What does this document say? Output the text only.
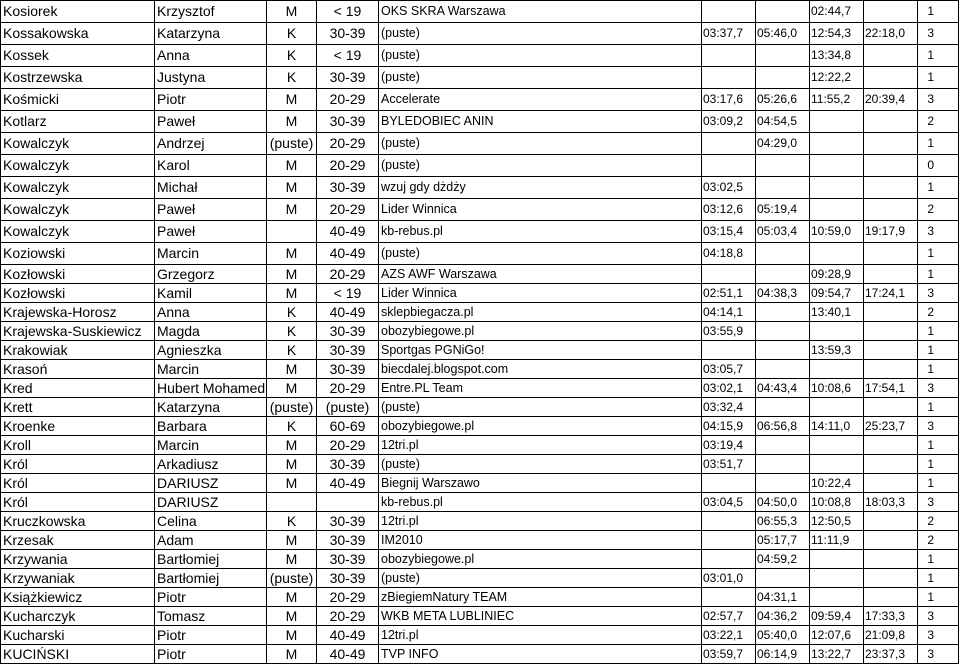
Kosiorek	Krzysztof	M	< 19	OKS SKRA Warszawa			02:44,7		1
Kossakowska	Katarzyna	K	30-39	(puste)	03:37,7	05:46,0	12:54,3	22:18,0	3
Kossek	Anna	K	< 19	(puste)			13:34,8		1
Kostrzewska	Justyna	K	30-39	(puste)			12:22,2		1
Kośmicki	Piotr	M	20-29	Accelerate	03:17,6	05:26,6	11:55,2	20:39,4	3
Kotlarz	Paweł	M	30-39	BYLEDOBIEC ANIN	03:09,2	04:54,5			2
Kowalczyk	Andrzej	(puste)	20-29	(puste)		04:29,0			1
Kowalczyk	Karol	M	20-29	(puste)					0
Kowalczyk	Michał	M	30-39	wzuj gdy dżdży	03:02,5				1
Kowalczyk	Paweł	M	20-29	Lider Winnica	03:12,6	05:19,4			2
Kowalczyk	Paweł		40-49	kb-rebus.pl	03:15,4	05:03,4	10:59,0	19:17,9	3
Koziowski	Marcin	M	40-49	(puste)	04:18,8				1
Kozłowski	Grzegorz	M	20-29	AZS AWF Warszawa			09:28,9		1
Kozłowski	Kamil	M	< 19	Lider Winnica	02:51,1	04:38,3	09:54,7	17:24,1	3
Krajewska-Horosz	Anna	K	40-49	sklepbiegacza.pl	04:14,1		13:40,1		2
Krajewska-Suskiewicz	Magda	K	30-39	obozybiegowe.pl	03:55,9				1
Krakowiak	Agnieszka	K	30-39	Sportgas PGNiGo!			13:59,3		1
Krasoń	Marcin	M	30-39	biecdalej.blogspot.com	03:05,7				1
Kred	Hubert Mohamed	M	20-29	Entre.PL Team	03:02,1	04:43,4	10:08,6	17:54,1	3
Krett	Katarzyna	(puste)	(puste)	(puste)	03:32,4				1
Kroenke	Barbara	K	60-69	obozybiegowe.pl	04:15,9	06:56,8	14:11,0	25:23,7	3
Kroll	Marcin	M	20-29	12tri.pl	03:19,4				1
Król	Arkadiusz	M	30-39	(puste)	03:51,7				1
Król	DARIUSZ	M	40-49	Biegnij Warszawo			10:22,4		1
Król	DARIUSZ			kb-rebus.pl	03:04,5	04:50,0	10:08,8	18:03,3	3
Kruczkowska	Celina	K	30-39	12tri.pl		06:55,3	12:50,5		2
Krzesak	Adam	M	30-39	IM2010		05:17,7	11:11,9		2
Krzywania	Bartłomiej	M	30-39	obozybiegowe.pl		04:59,2			1
Krzywaniak	Bartłomiej	(puste)	30-39	(puste)	03:01,0				1
Książkiewicz	Piotr	M	20-29	zBiegiemNatury TEAM		04:31,1			1
Kucharczyk	Tomasz	M	20-29	WKB META LUBLINIEC	02:57,7	04:36,2	09:59,4	17:33,3	3
Kucharski	Piotr	M	40-49	12tri.pl	03:22,1	05:40,0	12:07,6	21:09,8	3
KUCIŃSKI	Piotr	M	40-49	TVP INFO	03:59,7	06:14,9	13:22,7	23:37,3	3
